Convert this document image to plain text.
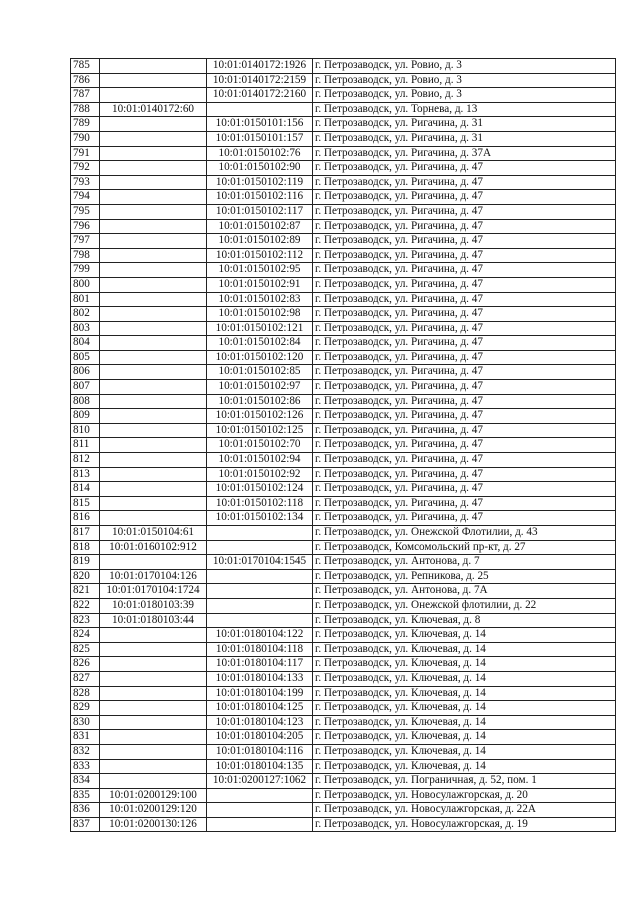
785		10:01:0140172:1926	г. Петрозаводск, ул. Ровио, д. 3
786		10:01:0140172:2159	г. Петрозаводск, ул. Ровио, д. 3
787		10:01:0140172:2160	г. Петрозаводск, ул. Ровио, д. 3
788	10:01:0140172:60		г. Петрозаводск, ул. Торнева, д. 13
789		10:01:0150101:156	г. Петрозаводск, ул. Ригачина, д. 31
790		10:01:0150101:157	г. Петрозаводск, ул. Ригачина, д. 31
791		10:01:0150102:76	г. Петрозаводск, ул. Ригачина, д. 37А
792		10:01:0150102:90	г. Петрозаводск, ул. Ригачина, д. 47
793		10:01:0150102:119	г. Петрозаводск, ул. Ригачина, д. 47
794		10:01:0150102:116	г. Петрозаводск, ул. Ригачина, д. 47
795		10:01:0150102:117	г. Петрозаводск, ул. Ригачина, д. 47
796		10:01:0150102:87	г. Петрозаводск, ул. Ригачина, д. 47
797		10:01:0150102:89	г. Петрозаводск, ул. Ригачина, д. 47
798		10:01:0150102:112	г. Петрозаводск, ул. Ригачина, д. 47
799		10:01:0150102:95	г. Петрозаводск, ул. Ригачина, д. 47
800		10:01:0150102:91	г. Петрозаводск, ул. Ригачина, д. 47
801		10:01:0150102:83	г. Петрозаводск, ул. Ригачина, д. 47
802		10:01:0150102:98	г. Петрозаводск, ул. Ригачина, д. 47
803		10:01:0150102:121	г. Петрозаводск, ул. Ригачина, д. 47
804		10:01:0150102:84	г. Петрозаводск, ул. Ригачина, д. 47
805		10:01:0150102:120	г. Петрозаводск, ул. Ригачина, д. 47
806		10:01:0150102:85	г. Петрозаводск, ул. Ригачина, д. 47
807		10:01:0150102:97	г. Петрозаводск, ул. Ригачина, д. 47
808		10:01:0150102:86	г. Петрозаводск, ул. Ригачина, д. 47
809		10:01:0150102:126	г. Петрозаводск, ул. Ригачина, д. 47
810		10:01:0150102:125	г. Петрозаводск, ул. Ригачина, д. 47
811		10:01:0150102:70	г. Петрозаводск, ул. Ригачина, д. 47
812		10:01:0150102:94	г. Петрозаводск, ул. Ригачина, д. 47
813		10:01:0150102:92	г. Петрозаводск, ул. Ригачина, д. 47
814		10:01:0150102:124	г. Петрозаводск, ул. Ригачина, д. 47
815		10:01:0150102:118	г. Петрозаводск, ул. Ригачина, д. 47
816		10:01:0150102:134	г. Петрозаводск, ул. Ригачина, д. 47
817	10:01:0150104:61		г. Петрозаводск, ул. Онежской Флотилии, д. 43
818	10:01:0160102:912		г. Петрозаводск, Комсомольский пр-кт, д. 27
819		10:01:0170104:1545	г. Петрозаводск, ул. Антонова, д. 7
820	10:01:0170104:126		г. Петрозаводск, ул. Репникова, д. 25
821	10:01:0170104:1724		г. Петрозаводск, ул. Антонова, д. 7А
822	10:01:0180103:39		г. Петрозаводск, ул. Онежской флотилии, д. 22
823	10:01:0180103:44		г. Петрозаводск, ул. Ключевая, д. 8
824		10:01:0180104:122	г. Петрозаводск, ул. Ключевая, д. 14
825		10:01:0180104:118	г. Петрозаводск, ул. Ключевая, д. 14
826		10:01:0180104:117	г. Петрозаводск, ул. Ключевая, д. 14
827		10:01:0180104:133	г. Петрозаводск, ул. Ключевая, д. 14
828		10:01:0180104:199	г. Петрозаводск, ул. Ключевая, д. 14
829		10:01:0180104:125	г. Петрозаводск, ул. Ключевая, д. 14
830		10:01:0180104:123	г. Петрозаводск, ул. Ключевая, д. 14
831		10:01:0180104:205	г. Петрозаводск, ул. Ключевая, д. 14
832		10:01:0180104:116	г. Петрозаводск, ул. Ключевая, д. 14
833		10:01:0180104:135	г. Петрозаводск, ул. Ключевая, д. 14
834		10:01:0200127:1062	г. Петрозаводск, ул. Пограничная, д. 52, пом. 1
835	10:01:0200129:100		г. Петрозаводск, ул. Новосулажгорская, д. 20
836	10:01:0200129:120		г. Петрозаводск, ул. Новосулажгорская, д. 22А
837	10:01:0200130:126		г. Петрозаводск, ул. Новосулажгорская, д. 19
